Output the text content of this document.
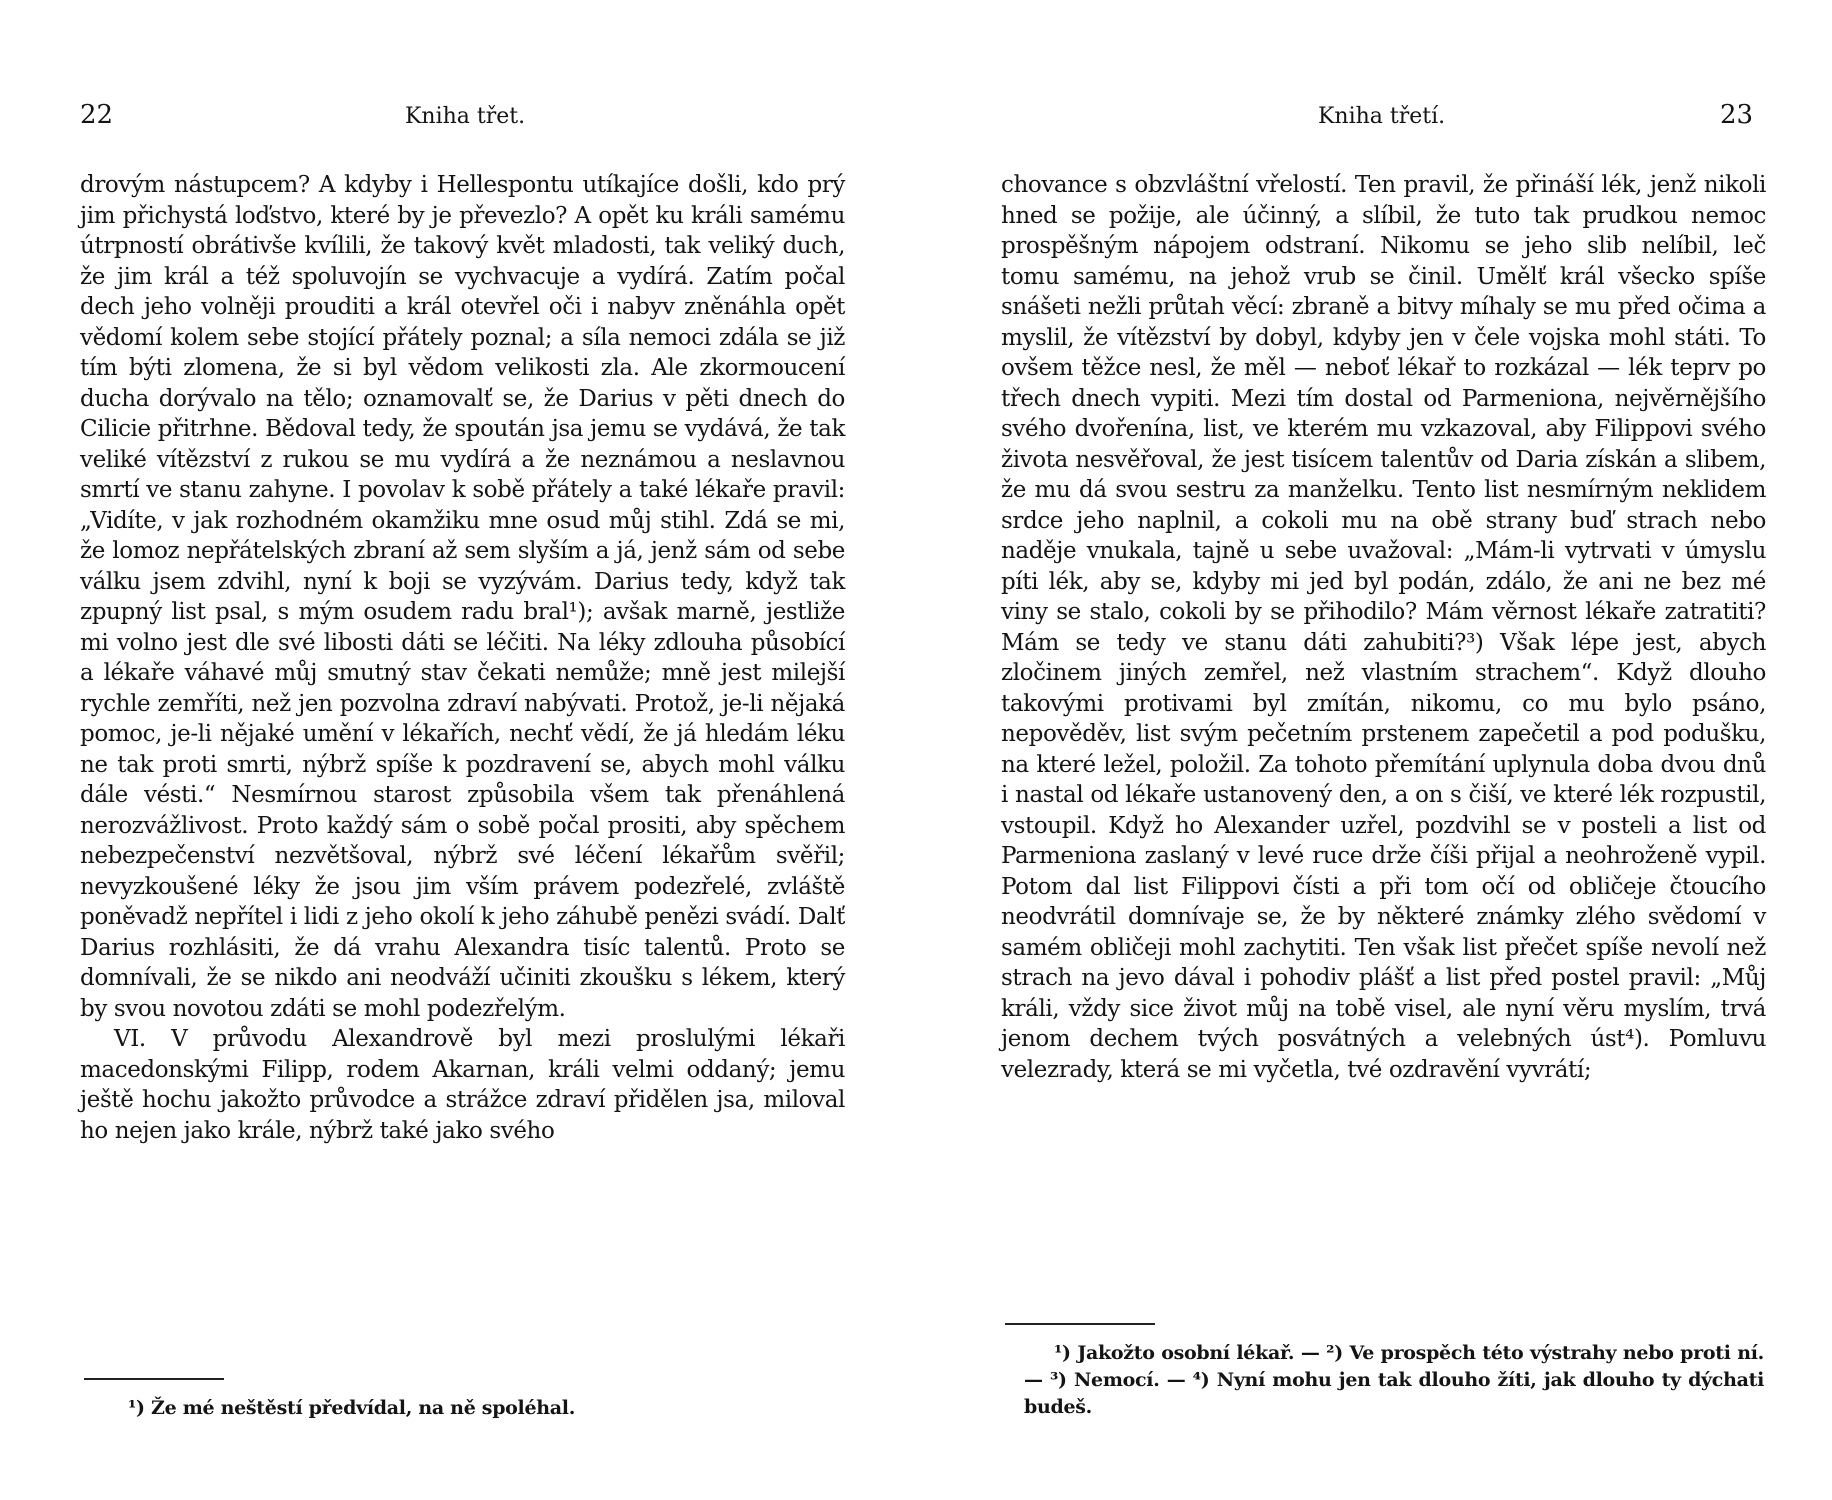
22	Kniha třet.

drovým nástupcem? A kdyby i Hellespontu utíkajíce došli, kdo prý jim přichystá loďstvo, které by je převezlo? A opět ku králi samému útrpností obrátivše kvílili, že takový květ mladosti, tak veliký duch, že jim král a též spoluvojín se vychvacuje a vydírá. Zatím počal dech jeho volněji prouditi a král otevřel oči i nabyv zněnáhla opět vědomí kolem sebe stojící přátely poznal; a síla nemoci zdála se již tím býti zlomena, že si byl vědom velikosti zla. Ale zkormoucení ducha dorývalo na tělo; oznamovalť se, že Darius v pěti dnech do Cilicie přitrhne. Bědoval tedy, že spoután jsa jemu se vydává, že tak veliké vítězství z rukou se mu vydírá a že neznámou a neslavnou smrtí ve stanu zahyne. I povolav k sobě přátely a také lékaře pravil: „Vidíte, v jak rozhodném okamžiku mne osud můj stihl. Zdá se mi, že lomoz nepřátelských zbraní až sem slyším a já, jenž sám od sebe válku jsem zdvihl, nyní k boji se vyzývám. Darius tedy, když tak zpupný list psal, s mým osudem radu bral¹); avšak marně, jestliže mi volno jest dle své libosti dáti se léčiti. Na léky zdlouha působící a lékaře váhavé můj smutný stav čekati nemůže; mně jest milejší rychle zemříti, než jen pozvolna zdraví nabývati. Protož, je-li nějaká pomoc, je-li nějaké umění v lékařích, nechť vědí, že já hledám léku ne tak proti smrti, nýbrž spíše k pozdravení se, abych mohl válku dále vésti.“ Nesmírnou starost způsobila všem tak přenáhlená nerozvážlivost. Proto každý sám o sobě počal prositi, aby spěchem nebezpečenství nezvětšoval, nýbrž své léčení lékařům svěřil; nevyzkoušené léky že jsou jim vším právem podezřelé, zvláště poněvadž nepřítel i lidi z jeho okolí k jeho záhubě penězi svádí. Dalť Darius rozhlásiti, že dá vrahu Alexandra tisíc talentů. Proto se domnívali, že se nikdo ani neodváží učiniti zkoušku s lékem, který by svou novotou zdáti se mohl podezřelým.

VI. V průvodu Alexandrově byl mezi proslulými lékaři macedonskými Filipp, rodem Akarnan, králi velmi oddaný; jemu ještě hochu jakožto průvodce a strážce zdraví přidělen jsa, miloval ho nejen jako krále, nýbrž také jako svého

¹) Že mé neštěstí předvídal, na ně spoléhal.

Kniha třetí.	23

chovance s obzvláštní vřelostí. Ten pravil, že přináší lék, jenž nikoli hned se požije, ale účinný, a slíbil, že tuto tak prudkou nemoc prospěšným nápojem odstraní. Nikomu se jeho slib nelíbil, leč tomu samému, na jehož vrub se činil. Umělť král všecko spíše snášeti nežli průtah věcí: zbraně a bitvy míhaly se mu před očima a myslil, že vítězství by dobyl, kdyby jen v čele vojska mohl státi. To ovšem těžce nesl, že měl — neboť lékař to rozkázal — lék teprv po třech dnech vypiti. Mezi tím dostal od Parmeniona, nejvěrnějšího svého dvořenína, list, ve kterém mu vzkazoval, aby Filippovi svého života nesvěřoval, že jest tisícem talentův od Daria získán a slibem, že mu dá svou sestru za manželku. Tento list nesmírným neklidem srdce jeho naplnil, a cokoli mu na obě strany buď strach nebo naděje vnukala, tajně u sebe uvažoval: „Mám-li vytrvati v úmyslu píti lék, aby se, kdyby mi jed byl podán, zdálo, že ani ne bez mé viny se stalo, cokoli by se přihodilo? Mám věrnost lékaře zatratiti? Mám se tedy ve stanu dáti zahubiti?³) Však lépe jest, abych zločinem jiných zemřel, než vlastním strachem“. Když dlouho takovými protivami byl zmítán, nikomu, co mu bylo psáno, nepověděv, list svým pečetním prstenem zapečetil a pod podušku, na které ležel, položil. Za tohoto přemítání uplynula doba dvou dnů i nastal od lékaře ustanovený den, a on s čiší, ve které lék rozpustil, vstoupil. Když ho Alexander uzřel, pozdvihl se v posteli a list od Parmeniona zaslaný v levé ruce drže číši přijal a neohroženě vypil. Potom dal list Filippovi čísti a při tom očí od obličeje čtoucího neodvrátil domnívaje se, že by některé známky zlého svědomí v samém obličeji mohl zachytiti. Ten však list přečet spíše nevolí než strach na jevo dával i pohodiv plášť a list před postel pravil: „Můj králi, vždy sice život můj na tobě visel, ale nyní věru myslím, trvá jenom dechem tvých posvátných a velebných úst⁴). Pomluvu velezrady, která se mi vyčetla, tvé ozdravění vyvrátí;

¹) Jakožto osobní lékař. — ²) Ve prospěch této výstrahy nebo proti ní. — ³) Nemocí. — ⁴) Nyní mohu jen tak dlouho žíti, jak dlouho ty dýchati budeš.
